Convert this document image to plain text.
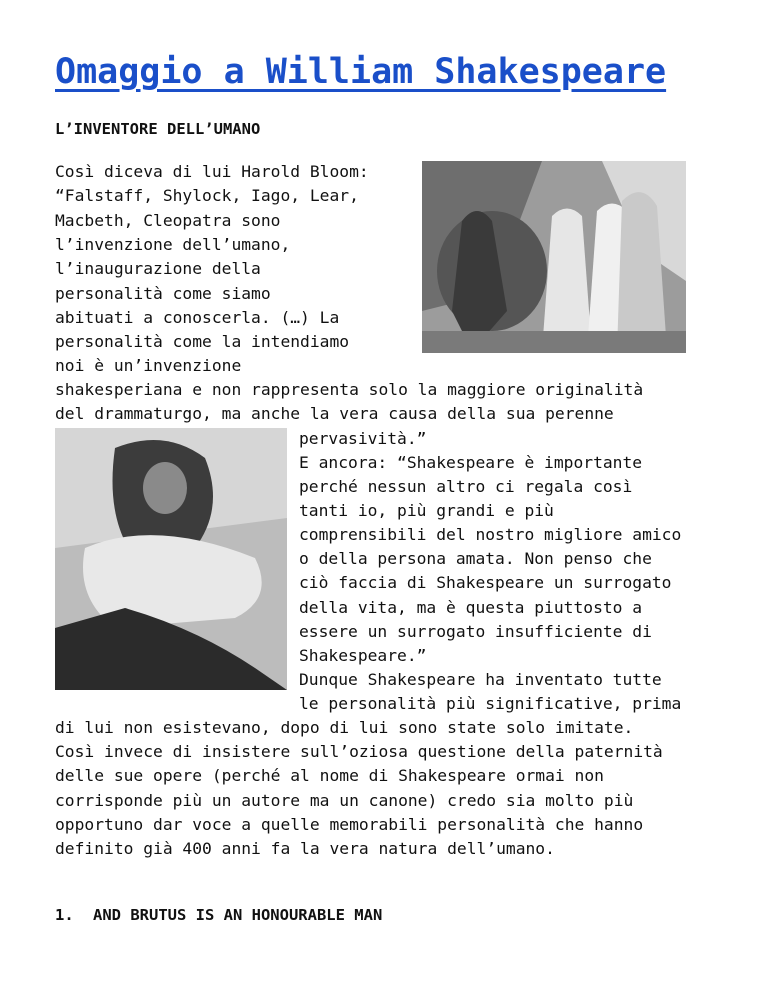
Omaggio a William Shakespeare
L’INVENTORE DELL’UMANO
Così diceva di lui Harold Bloom:
“Falstaff, Shylock, Iago, Lear,
Macbeth, Cleopatra sono
l’invenzione dell’umano,
l’inaugurazione della
personalità come siamo
abituati a conoscerla. (…) La
personalità come la intendiamo
noi è un’invenzione
shakesperiana e non rappresenta solo la maggiore originalità
del drammaturgo, ma anche la vera causa della sua perenne
pervasività.”
E ancora: “Shakespeare è importante
perché nessun altro ci regala così
tanti io, più grandi e più
comprensibili del nostro migliore amico
o della persona amata. Non penso che
ciò faccia di Shakespeare un surrogato
della vita, ma è questa piuttosto a
essere un surrogato insufficiente di
Shakespeare.”
Dunque Shakespeare ha inventato tutte
le personalità più significative, prima
di lui non esistevano, dopo di lui sono state solo imitate.
Così invece di insistere sull’oziosa questione della paternità
delle sue opere (perché al nome di Shakespeare ormai non
corrisponde più un autore ma un canone) credo sia molto più
opportuno dar voce a quelle memorabili personalità che hanno
definito già 400 anni fa la vera natura dell’umano.
1. AND BRUTUS IS AN HONOURABLE MAN
